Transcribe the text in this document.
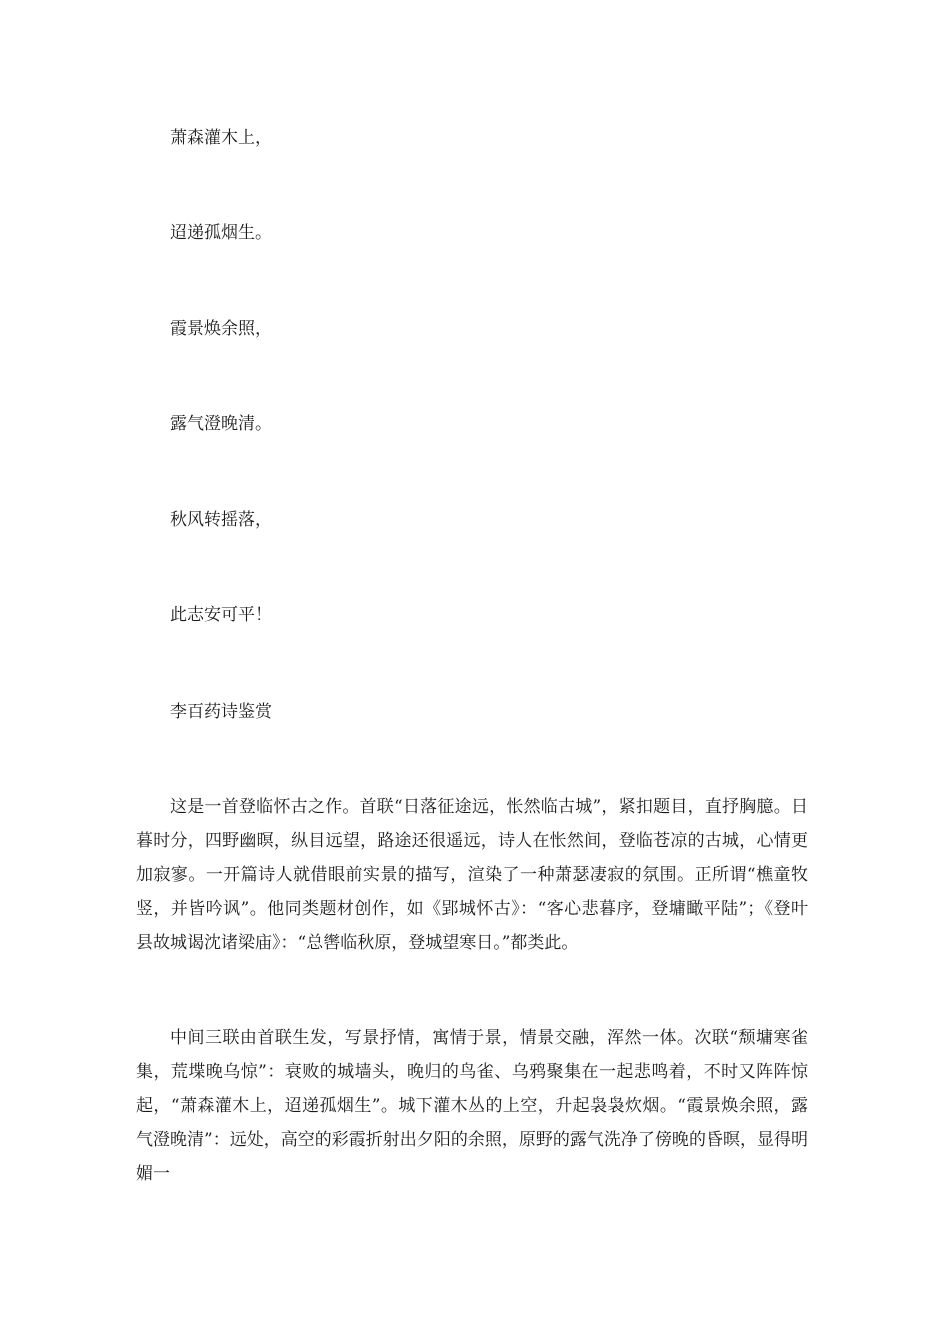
萧森灌木上，
迢递孤烟生。
霞景焕余照，
露气澄晚清。
秋风转摇落，
此志安可平！
李百药诗鉴赏

这是一首登临怀古之作。首联“日落征途远，怅然临古城”，紧扣题目，直抒胸臆。日暮时分，四野幽暝，纵目远望，路途还很遥远，诗人在怅然间，登临苍凉的古城，心情更加寂寥。一开篇诗人就借眼前实景的描写，渲染了一种萧瑟凄寂的氛围。正所谓“樵童牧竖，并皆吟讽”。他同类题材创作，如《郢城怀古》：“客心悲暮序，登墉瞰平陆”；《登叶县故城谒沈诸梁庙》：“总辔临秋原，登城望寒日。”都类此。

中间三联由首联生发，写景抒情，寓情于景，情景交融，浑然一体。次联“颓墉寒雀集，荒堞晚乌惊”：衰败的城墙头，晚归的鸟雀、乌鸦聚集在一起悲鸣着，不时又阵阵惊起，“萧森灌木上，迢递孤烟生”。城下灌木丛的上空，升起袅袅炊烟。“霞景焕余照，露气澄晚清”：远处，高空的彩霞折射出夕阳的余照，原野的露气洗净了傍晚的昏暝，显得明媚一
